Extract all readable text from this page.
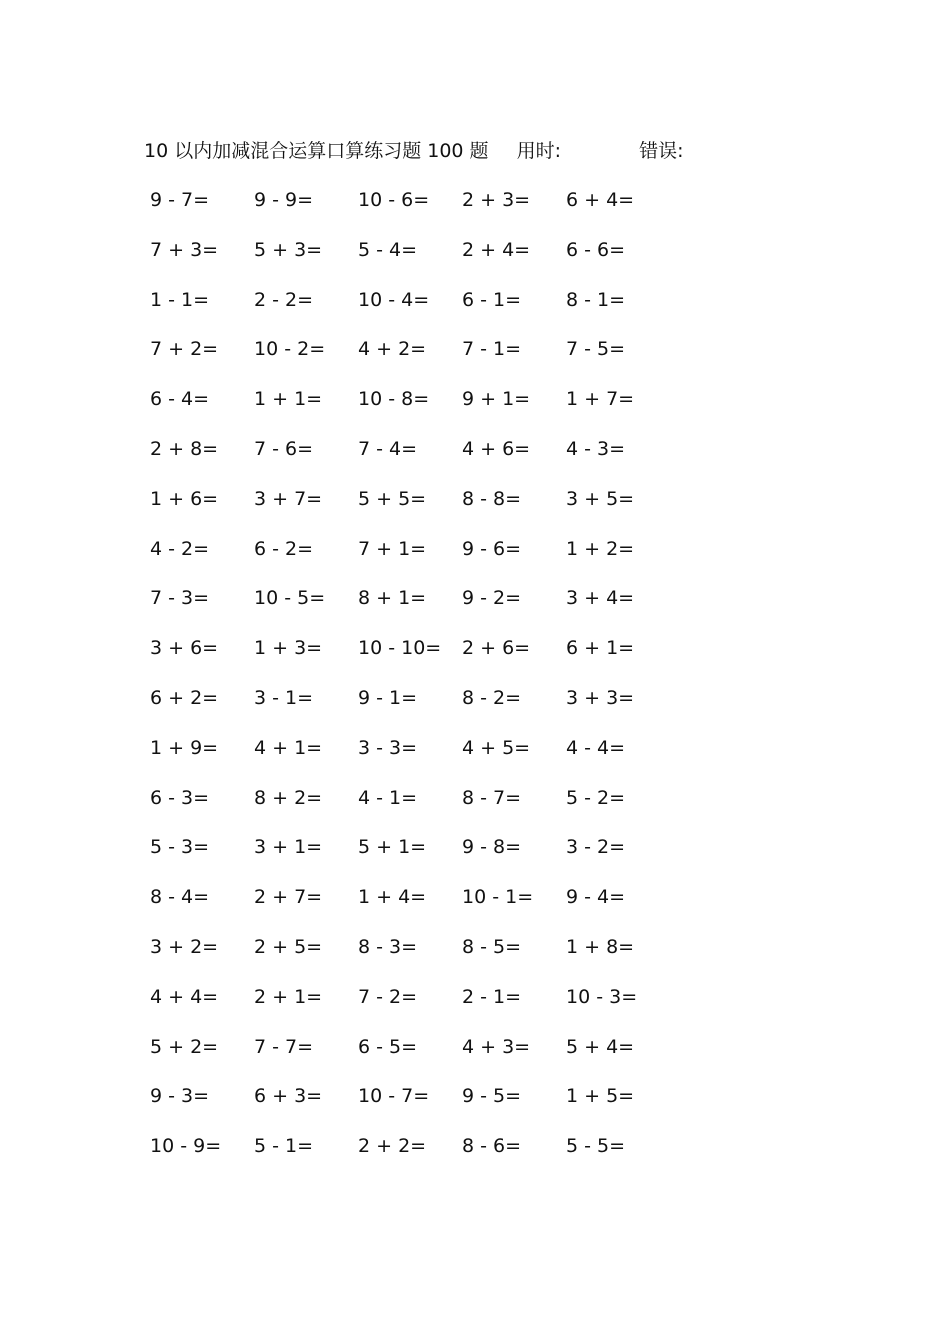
10 以内加减混合运算口算练习题 100 题 用时:	错误:
9 - 7=	9 - 9=	10 - 6=	2 + 3=	6 + 4=
7 + 3=	5 + 3=	5 - 4=	2 + 4=	6 - 6=
1 - 1=	2 - 2=	10 - 4=	6 - 1=	8 - 1=
7 + 2=	10 - 2=	4 + 2=	7 - 1=	7 - 5=
6 - 4=	1 + 1=	10 - 8=	9 + 1=	1 + 7=
2 + 8=	7 - 6=	7 - 4=	4 + 6=	4 - 3=
1 + 6=	3 + 7=	5 + 5=	8 - 8=	3 + 5=
4 - 2=	6 - 2=	7 + 1=	9 - 6=	1 + 2=
7 - 3=	10 - 5=	8 + 1=	9 - 2=	3 + 4=
3 + 6=	1 + 3=	10 - 10=	2 + 6=	6 + 1=
6 + 2=	3 - 1=	9 - 1=	8 - 2=	3 + 3=
1 + 9=	4 + 1=	3 - 3=	4 + 5=	4 - 4=
6 - 3=	8 + 2=	4 - 1=	8 - 7=	5 - 2=
5 - 3=	3 + 1=	5 + 1=	9 - 8=	3 - 2=
8 - 4=	2 + 7=	1 + 4=	10 - 1=	9 - 4=
3 + 2=	2 + 5=	8 - 3=	8 - 5=	1 + 8=
4 + 4=	2 + 1=	7 - 2=	2 - 1=	10 - 3=
5 + 2=	7 - 7=	6 - 5=	4 + 3=	5 + 4=
9 - 3=	6 + 3=	10 - 7=	9 - 5=	1 + 5=
10 - 9=	5 - 1=	2 + 2=	8 - 6=	5 - 5=
